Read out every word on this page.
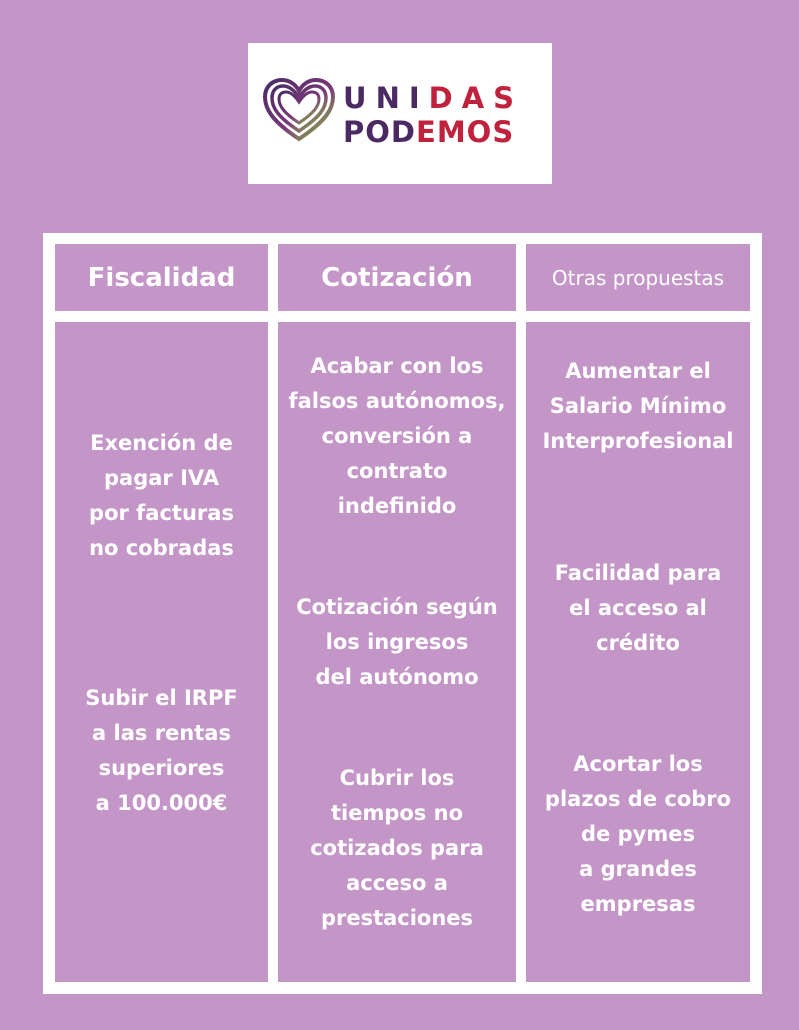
UNIDAS
PODEMOS
Fiscalidad	Cotización	Otras propuestas
Exención de
pagar IVA
por facturas
no cobradas
Subir el IRPF
a las rentas
superiores
a 100.000€
Acabar con los
falsos autónomos,
conversión a
contrato
indefinido
Cotización según
los ingresos
del autónomo
Cubrir los
tiempos no
cotizados para
acceso a
prestaciones
Aumentar el
Salario Mínimo
Interprofesional
Facilidad para
el acceso al
crédito
Acortar los
plazos de cobro
de pymes
a grandes
empresas
